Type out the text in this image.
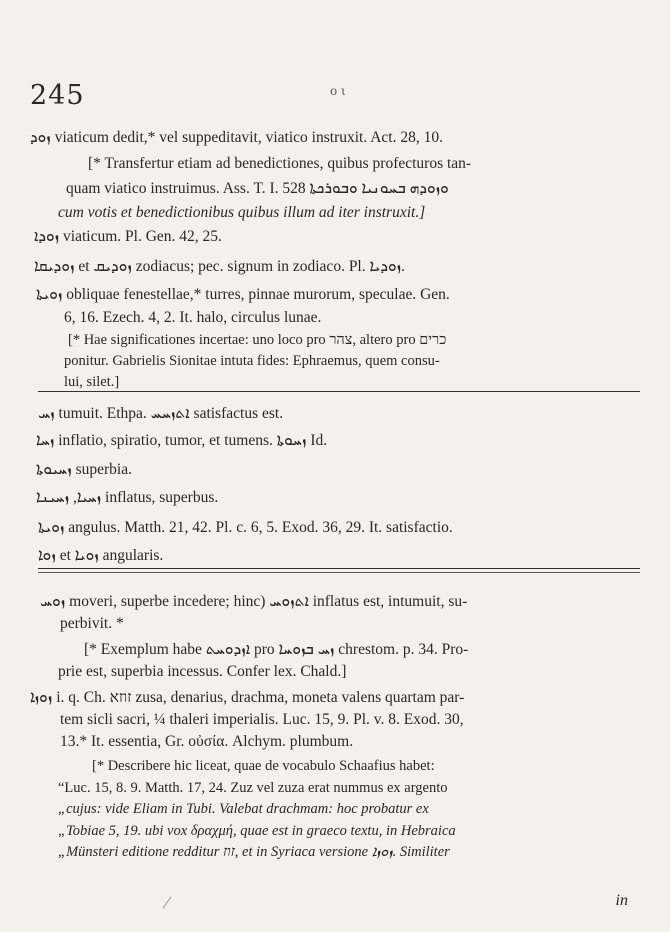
245	ο ι
ܙܘܕ viaticum dedit,* vel suppeditavit, viatico instruxit. Act. 28, 10.
[* Transfertur etiam ad benedictiones, quibus profecturos tan-
quam viatico instruimus. Ass. T. I. 528 ܘܙܘܕܗ ܒܚܘܢܝܐ ܘܒܘܪܟܬܐ
cum votis et benedictionibus quibus illum ad iter instruxit.]
ܙܘܕܐ viaticum. Pl. Gen. 42, 25.
ܙܘܕܝܩܐ et ܙܘܕܝܩ zodiacus; pec. signum in zodiaco. Pl. ܙܘܕܝܐ.
ܙܘܝܬܐ obliquae fenestellae,* turres, pinnae murorum, speculae. Gen.
6, 16. Ezech. 4, 2. It. halo, circulus lunae.
[* Hae significationes incertae: uno loco pro צהר, altero pro כרים
ponitur. Gabrielis Sionitae intuta fides: Ephraemus, quem consu-
lui, silet.]
ܙܚ tumuit. Ethpa. ܐܬܙܚܚ satisfactus est.
ܙܚܐ inflatio, spiratio, tumor, et tumens. ܙܚܘܬܐ Id.
ܙܚܝܘܬܐ superbia.
ܙܚܝܐ, ܙܚܝܢܐ inflatus, superbus.
ܙܘܝܬܐ angulus. Matth. 21, 42. Pl. c. 6, 5. Exod. 36, 29. It. satisfactio.
ܙܘܐ et ܙܘܝܐ angularis.
ܙܘܚ moveri, superbe incedere; hinc) ܐܬܙܘܚ inflatus est, intumuit, su-
perbivit. *
[* Exemplum habe ܐܙܕܘܚܬ pro ܙܚ ܒܙܘܚܐ chrestom. p. 34. Pro-
prie est, superbia incessus. Confer lex. Chald.]
ܙܘܙܐ i. q. Ch. זוזא zusa, denarius, drachma, moneta valens quartam par-
tem sicli sacri, ¼ thaleri imperialis. Luc. 15, 9. Pl. v. 8. Exod. 30,
13.* It. essentia, Gr. οὐσία. Alchym. plumbum.
[* Describere hic liceat, quae de vocabulo Schaafius habet:
“Luc. 15, 8. 9. Matth. 17, 24. Zuz vel zuza erat nummus ex argento
„cujus: vide Eliam in Tubi. Valebat drachmam: hoc probatur ex
„Tobiae 5, 19. ubi vox δραχμή, quae est in graeco textu, in Hebraica
„Münsteri editione redditur זוז, et in Syriaca versione ܙܘܙܐ. Similiter
in
